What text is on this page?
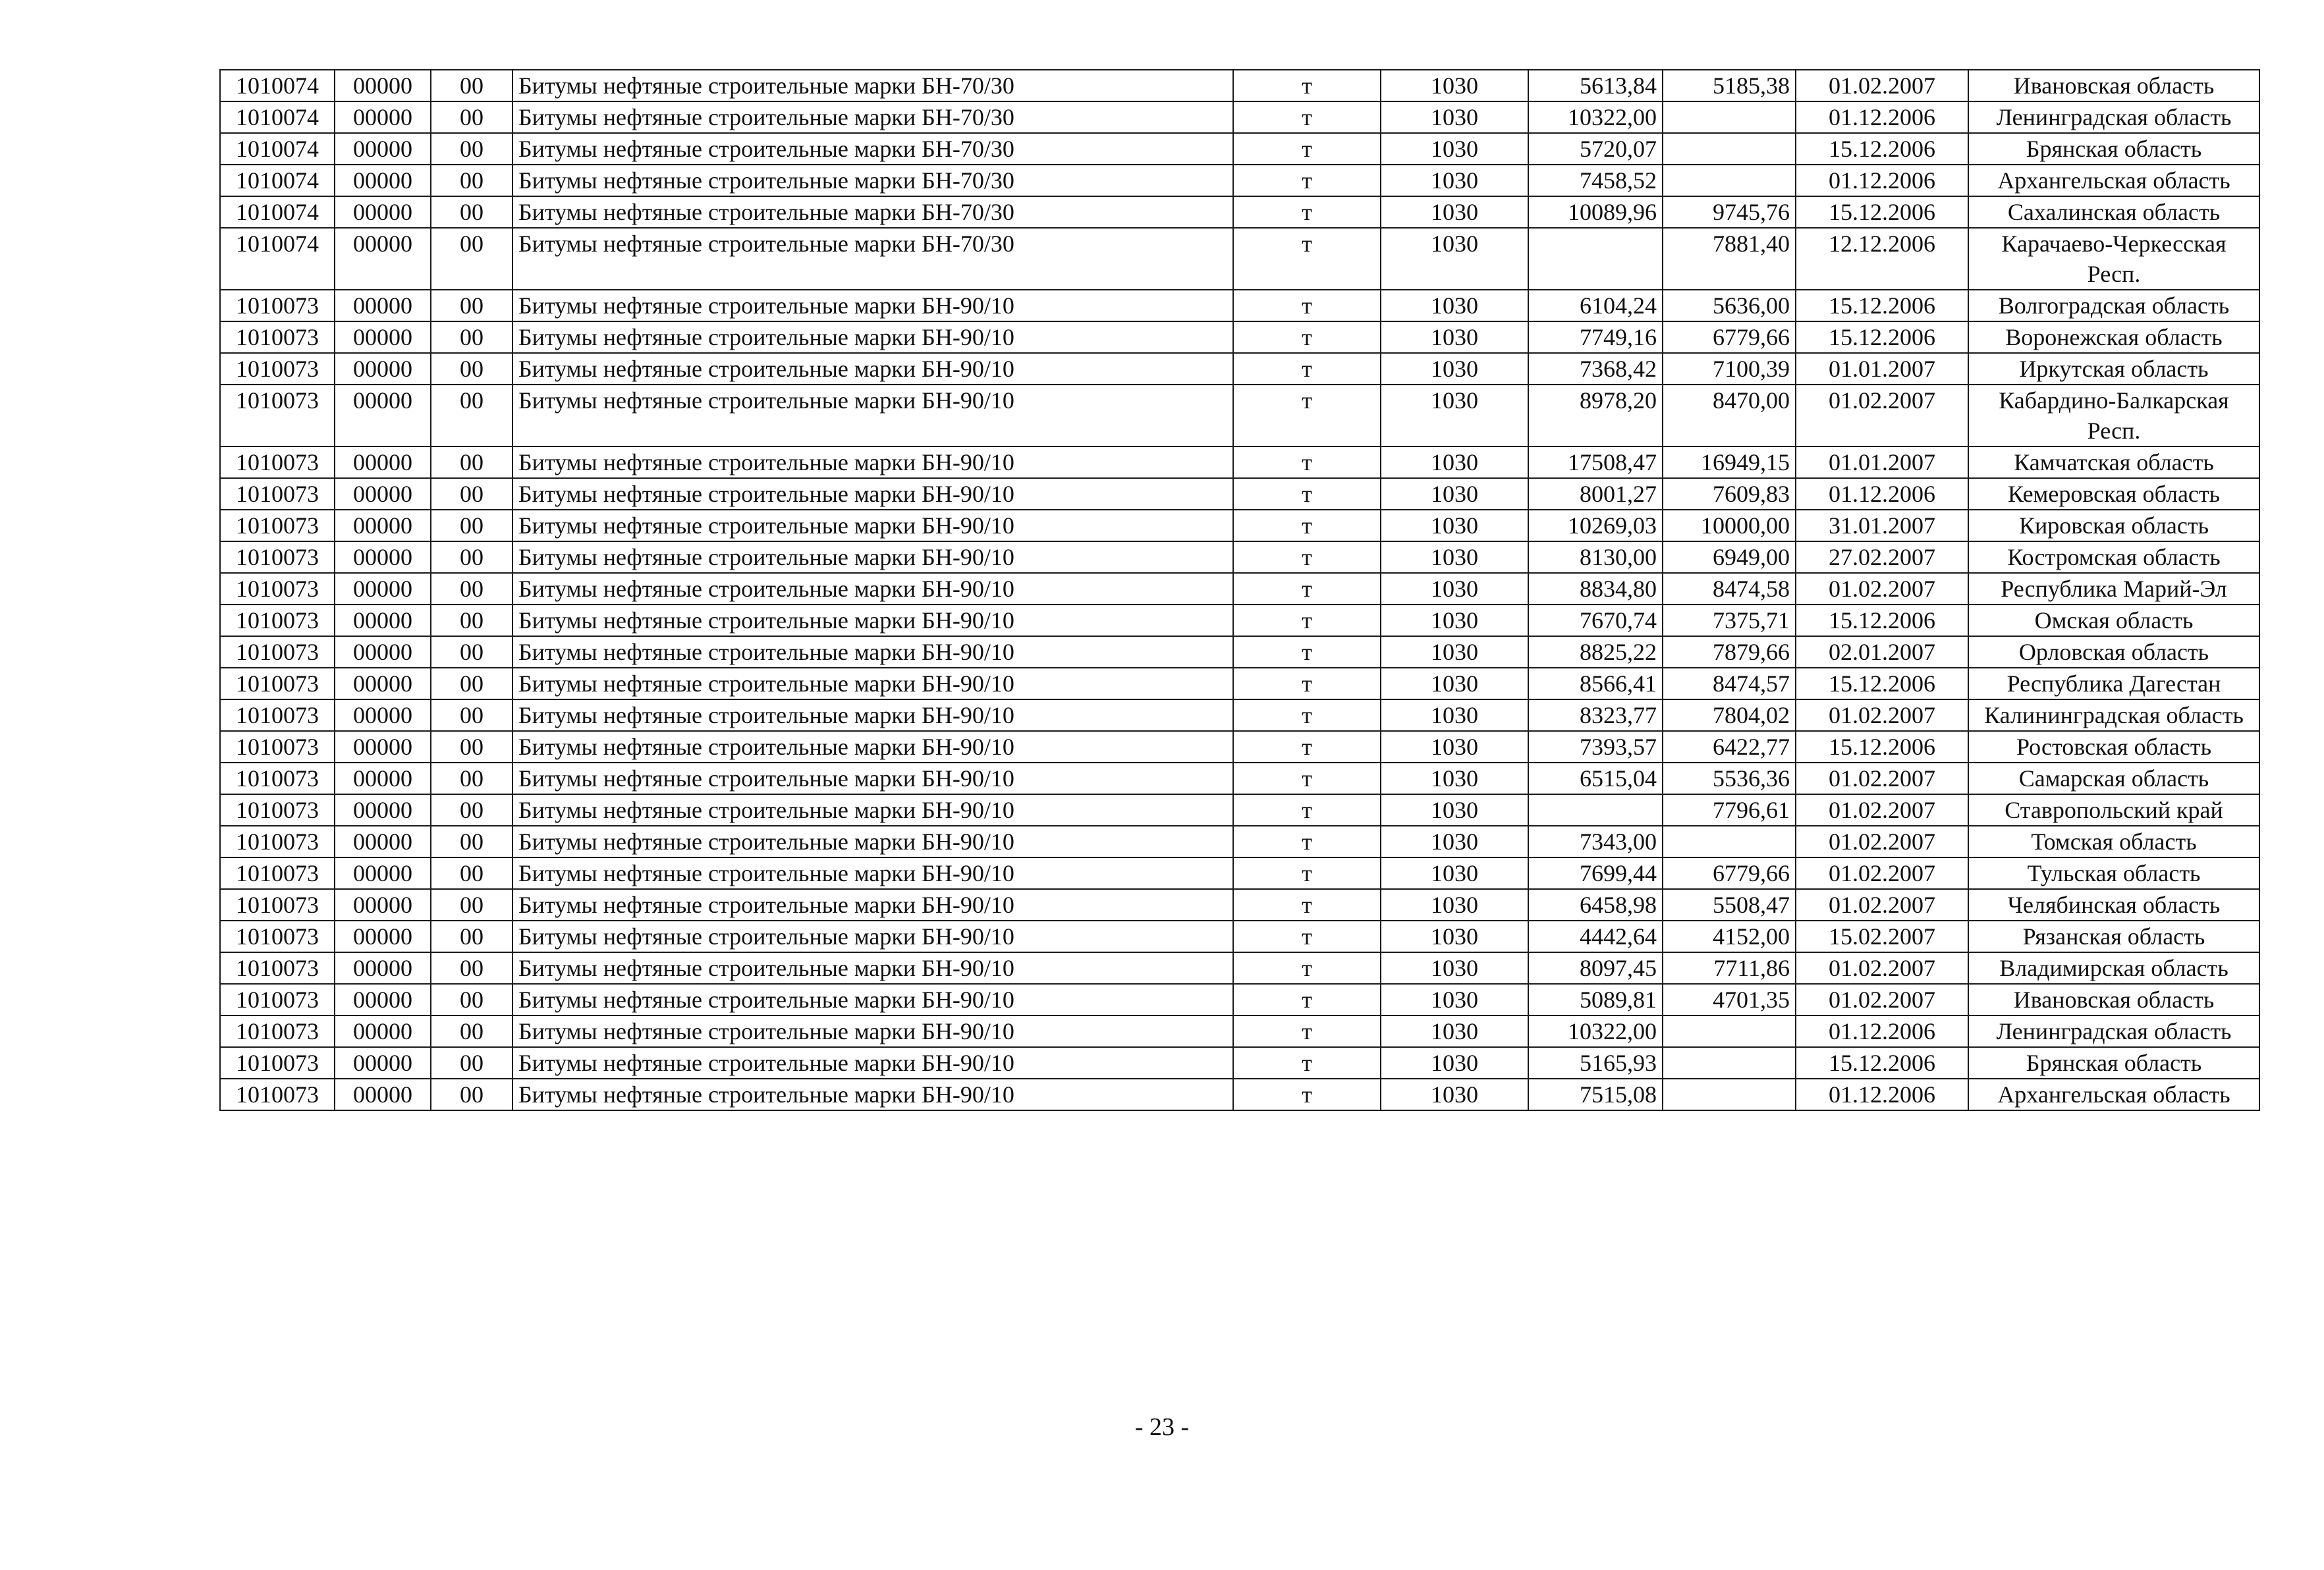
1010074	00000	00	Битумы нефтяные строительные марки БН-70/30	т	1030	5613,84	5185,38	01.02.2007	Ивановская область
1010074	00000	00	Битумы нефтяные строительные марки БН-70/30	т	1030	10322,00		01.12.2006	Ленинградская область
1010074	00000	00	Битумы нефтяные строительные марки БН-70/30	т	1030	5720,07		15.12.2006	Брянская область
1010074	00000	00	Битумы нефтяные строительные марки БН-70/30	т	1030	7458,52		01.12.2006	Архангельская область
1010074	00000	00	Битумы нефтяные строительные марки БН-70/30	т	1030	10089,96	9745,76	15.12.2006	Сахалинская область
1010074	00000	00	Битумы нефтяные строительные марки БН-70/30	т	1030		7881,40	12.12.2006	Карачаево-Черкесская Респ.
1010073	00000	00	Битумы нефтяные строительные марки БН-90/10	т	1030	6104,24	5636,00	15.12.2006	Волгоградская область
1010073	00000	00	Битумы нефтяные строительные марки БН-90/10	т	1030	7749,16	6779,66	15.12.2006	Воронежская область
1010073	00000	00	Битумы нефтяные строительные марки БН-90/10	т	1030	7368,42	7100,39	01.01.2007	Иркутская область
1010073	00000	00	Битумы нефтяные строительные марки БН-90/10	т	1030	8978,20	8470,00	01.02.2007	Кабардино-Балкарская Респ.
1010073	00000	00	Битумы нефтяные строительные марки БН-90/10	т	1030	17508,47	16949,15	01.01.2007	Камчатская область
1010073	00000	00	Битумы нефтяные строительные марки БН-90/10	т	1030	8001,27	7609,83	01.12.2006	Кемеровская область
1010073	00000	00	Битумы нефтяные строительные марки БН-90/10	т	1030	10269,03	10000,00	31.01.2007	Кировская область
1010073	00000	00	Битумы нефтяные строительные марки БН-90/10	т	1030	8130,00	6949,00	27.02.2007	Костромская область
1010073	00000	00	Битумы нефтяные строительные марки БН-90/10	т	1030	8834,80	8474,58	01.02.2007	Республика Марий-Эл
1010073	00000	00	Битумы нефтяные строительные марки БН-90/10	т	1030	7670,74	7375,71	15.12.2006	Омская область
1010073	00000	00	Битумы нефтяные строительные марки БН-90/10	т	1030	8825,22	7879,66	02.01.2007	Орловская область
1010073	00000	00	Битумы нефтяные строительные марки БН-90/10	т	1030	8566,41	8474,57	15.12.2006	Республика Дагестан
1010073	00000	00	Битумы нефтяные строительные марки БН-90/10	т	1030	8323,77	7804,02	01.02.2007	Калининградская область
1010073	00000	00	Битумы нефтяные строительные марки БН-90/10	т	1030	7393,57	6422,77	15.12.2006	Ростовская область
1010073	00000	00	Битумы нефтяные строительные марки БН-90/10	т	1030	6515,04	5536,36	01.02.2007	Самарская область
1010073	00000	00	Битумы нефтяные строительные марки БН-90/10	т	1030		7796,61	01.02.2007	Ставропольский край
1010073	00000	00	Битумы нефтяные строительные марки БН-90/10	т	1030	7343,00		01.02.2007	Томская область
1010073	00000	00	Битумы нефтяные строительные марки БН-90/10	т	1030	7699,44	6779,66	01.02.2007	Тульская область
1010073	00000	00	Битумы нефтяные строительные марки БН-90/10	т	1030	6458,98	5508,47	01.02.2007	Челябинская область
1010073	00000	00	Битумы нефтяные строительные марки БН-90/10	т	1030	4442,64	4152,00	15.02.2007	Рязанская область
1010073	00000	00	Битумы нефтяные строительные марки БН-90/10	т	1030	8097,45	7711,86	01.02.2007	Владимирская область
1010073	00000	00	Битумы нефтяные строительные марки БН-90/10	т	1030	5089,81	4701,35	01.02.2007	Ивановская область
1010073	00000	00	Битумы нефтяные строительные марки БН-90/10	т	1030	10322,00		01.12.2006	Ленинградская область
1010073	00000	00	Битумы нефтяные строительные марки БН-90/10	т	1030	5165,93		15.12.2006	Брянская область
1010073	00000	00	Битумы нефтяные строительные марки БН-90/10	т	1030	7515,08		01.12.2006	Архангельская область
- 23 -
